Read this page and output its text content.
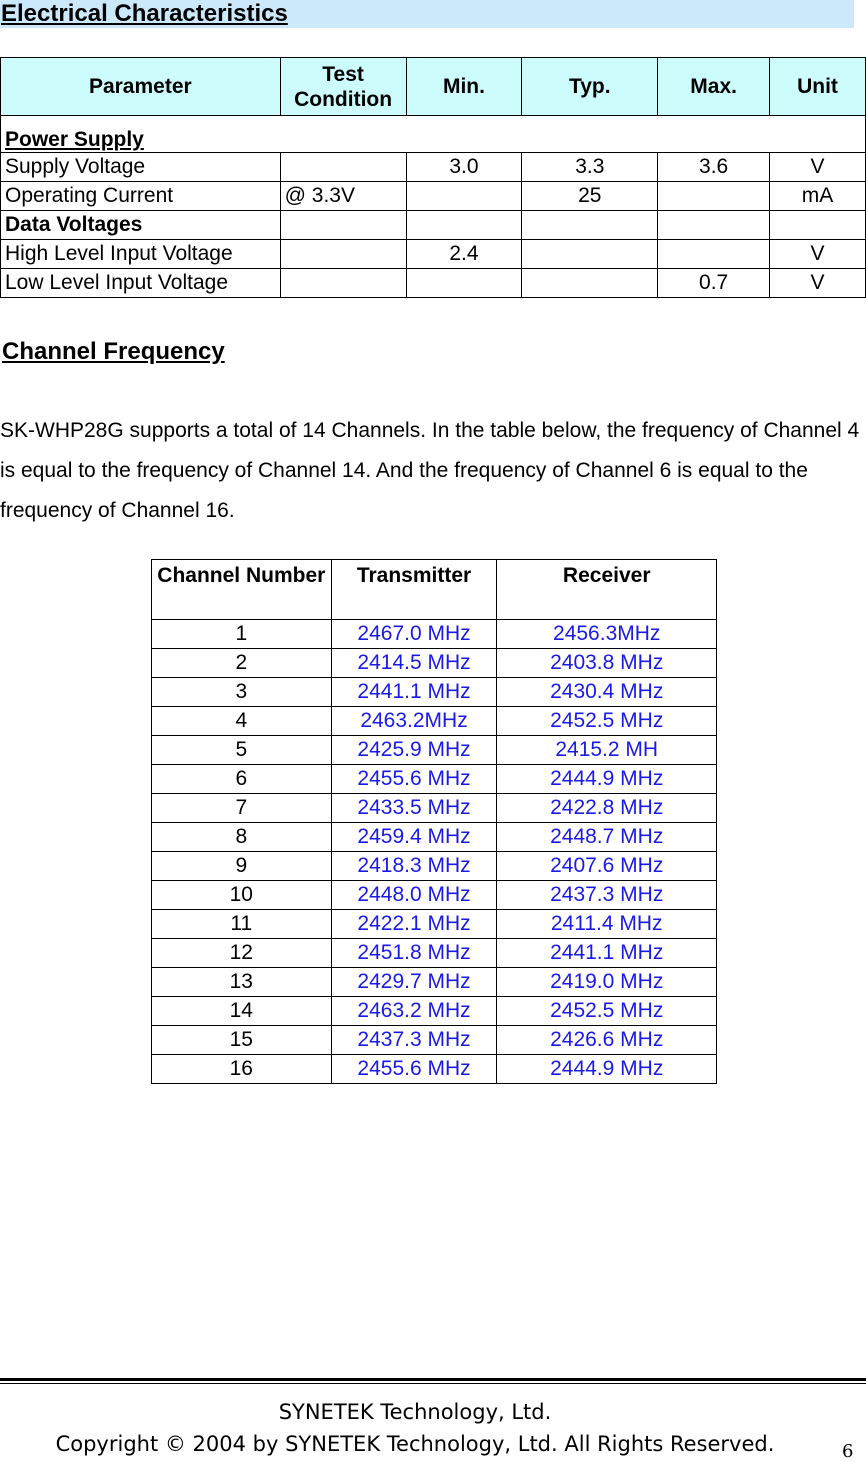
Electrical Characteristics
Parameter	Test Condition	Min.	Typ.	Max.	Unit
Power Supply					
Supply Voltage		3.0	3.3	3.6	V
Operating Current	@ 3.3V		25		mA
Data Voltages					
High Level Input Voltage		2.4			V
Low Level Input Voltage				0.7	V
Channel Frequency
SK-WHP28G supports a total of 14 Channels. In the table below, the frequency of Channel 4 is equal to the frequency of Channel 14. And the frequency of Channel 6 is equal to the frequency of Channel 16.
Channel Number	Transmitter	Receiver
1	2467.0 MHz	2456.3MHz
2	2414.5 MHz	2403.8 MHz
3	2441.1 MHz	2430.4 MHz
4	2463.2MHz	2452.5 MHz
5	2425.9 MHz	2415.2 MH
6	2455.6 MHz	2444.9 MHz
7	2433.5 MHz	2422.8 MHz
8	2459.4 MHz	2448.7 MHz
9	2418.3 MHz	2407.6 MHz
10	2448.0 MHz	2437.3 MHz
11	2422.1 MHz	2411.4 MHz
12	2451.8 MHz	2441.1 MHz
13	2429.7 MHz	2419.0 MHz
14	2463.2 MHz	2452.5 MHz
15	2437.3 MHz	2426.6 MHz
16	2455.6 MHz	2444.9 MHz
SYNETEK Technology, Ltd.
Copyright © 2004 by SYNETEK Technology, Ltd. All Rights Reserved.	6
